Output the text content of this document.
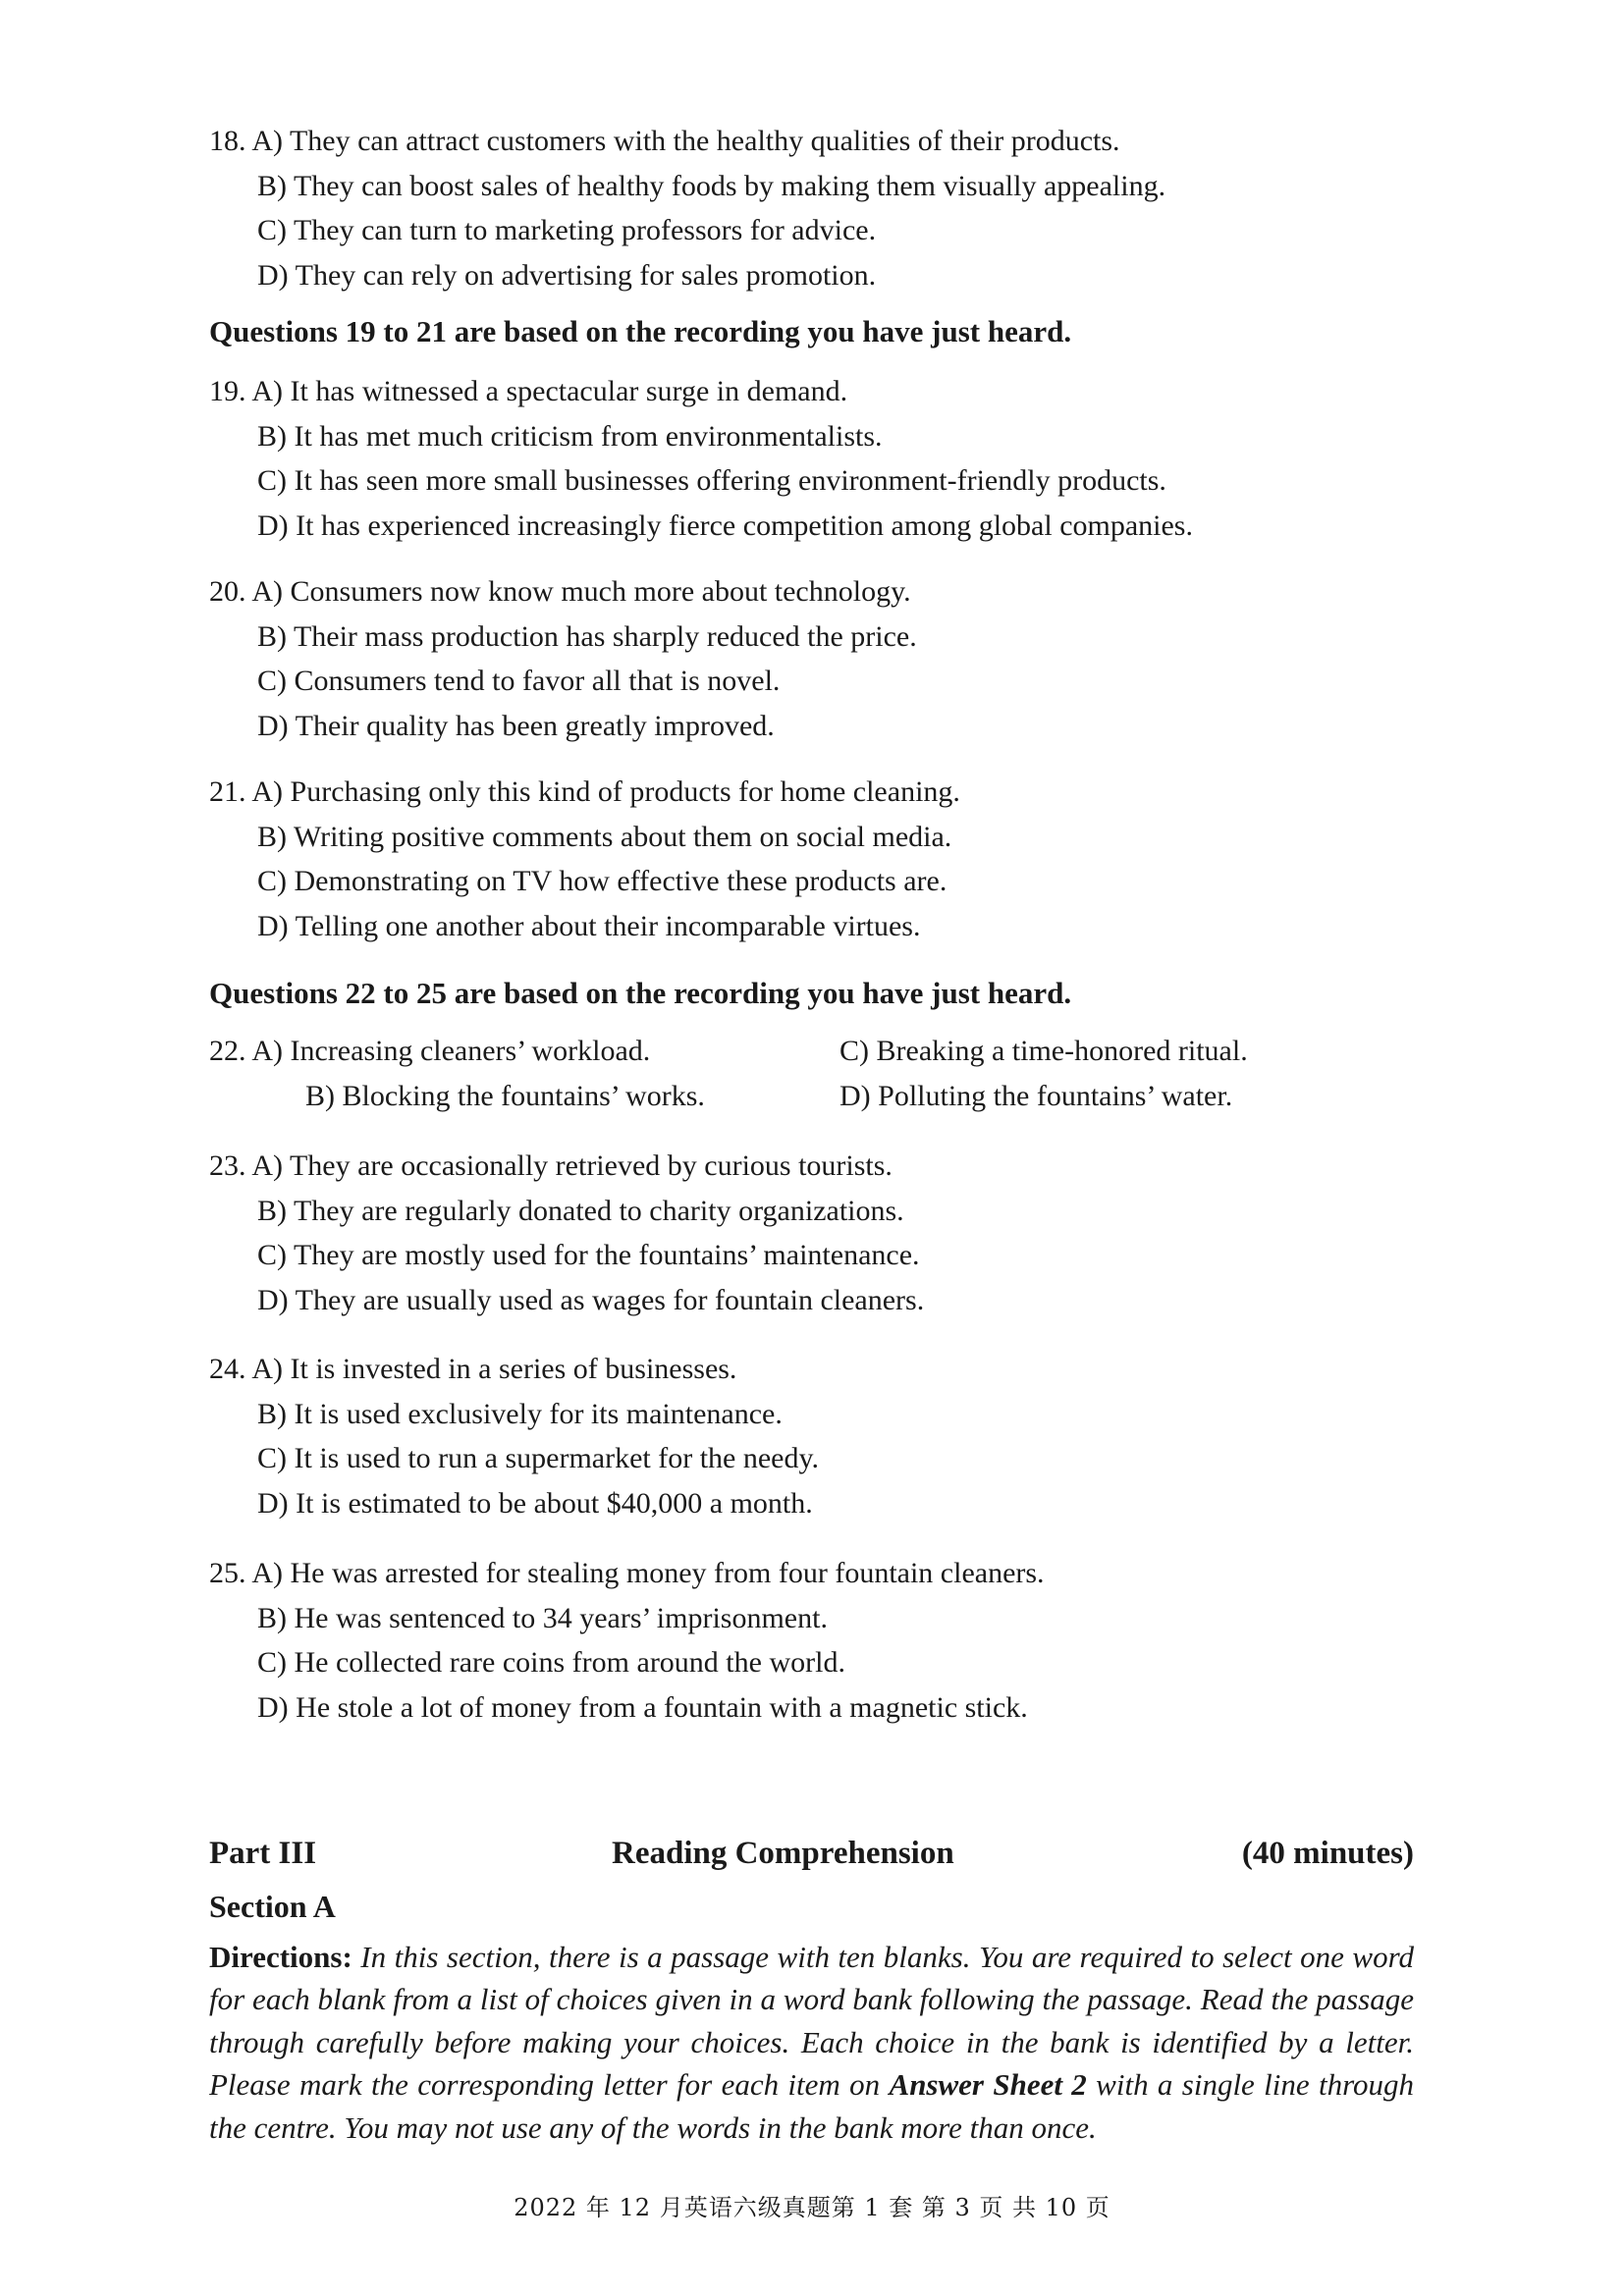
18. A) They can attract customers with the healthy qualities of their products.
B) They can boost sales of healthy foods by making them visually appealing.
C) They can turn to marketing professors for advice.
D) They can rely on advertising for sales promotion.
Questions 19 to 21 are based on the recording you have just heard.
19. A) It has witnessed a spectacular surge in demand.
B) It has met much criticism from environmentalists.
C) It has seen more small businesses offering environment-friendly products.
D) It has experienced increasingly fierce competition among global companies.
20. A) Consumers now know much more about technology.
B) Their mass production has sharply reduced the price.
C) Consumers tend to favor all that is novel.
D) Their quality has been greatly improved.
21. A) Purchasing only this kind of products for home cleaning.
B) Writing positive comments about them on social media.
C) Demonstrating on TV how effective these products are.
D) Telling one another about their incomparable virtues.
Questions 22 to 25 are based on the recording you have just heard.
22. A) Increasing cleaners’ workload.	C) Breaking a time-honored ritual.
B) Blocking the fountains’ works.	D) Polluting the fountains’ water.
23. A) They are occasionally retrieved by curious tourists.
B) They are regularly donated to charity organizations.
C) They are mostly used for the fountains’ maintenance.
D) They are usually used as wages for fountain cleaners.
24. A) It is invested in a series of businesses.
B) It is used exclusively for its maintenance.
C) It is used to run a supermarket for the needy.
D) It is estimated to be about $40,000 a month.
25. A) He was arrested for stealing money from four fountain cleaners.
B) He was sentenced to 34 years’ imprisonment.
C) He collected rare coins from around the world.
D) He stole a lot of money from a fountain with a magnetic stick.
Part III	Reading Comprehension	(40 minutes)
Section A
Directions: In this section, there is a passage with ten blanks. You are required to select one word for each blank from a list of choices given in a word bank following the passage. Read the passage through carefully before making your choices. Each choice in the bank is identified by a letter. Please mark the corresponding letter for each item on Answer Sheet 2 with a single line through the centre. You may not use any of the words in the bank more than once.
2022 年 12 月英语六级真题第 1 套 第 3 页 共 10 页
